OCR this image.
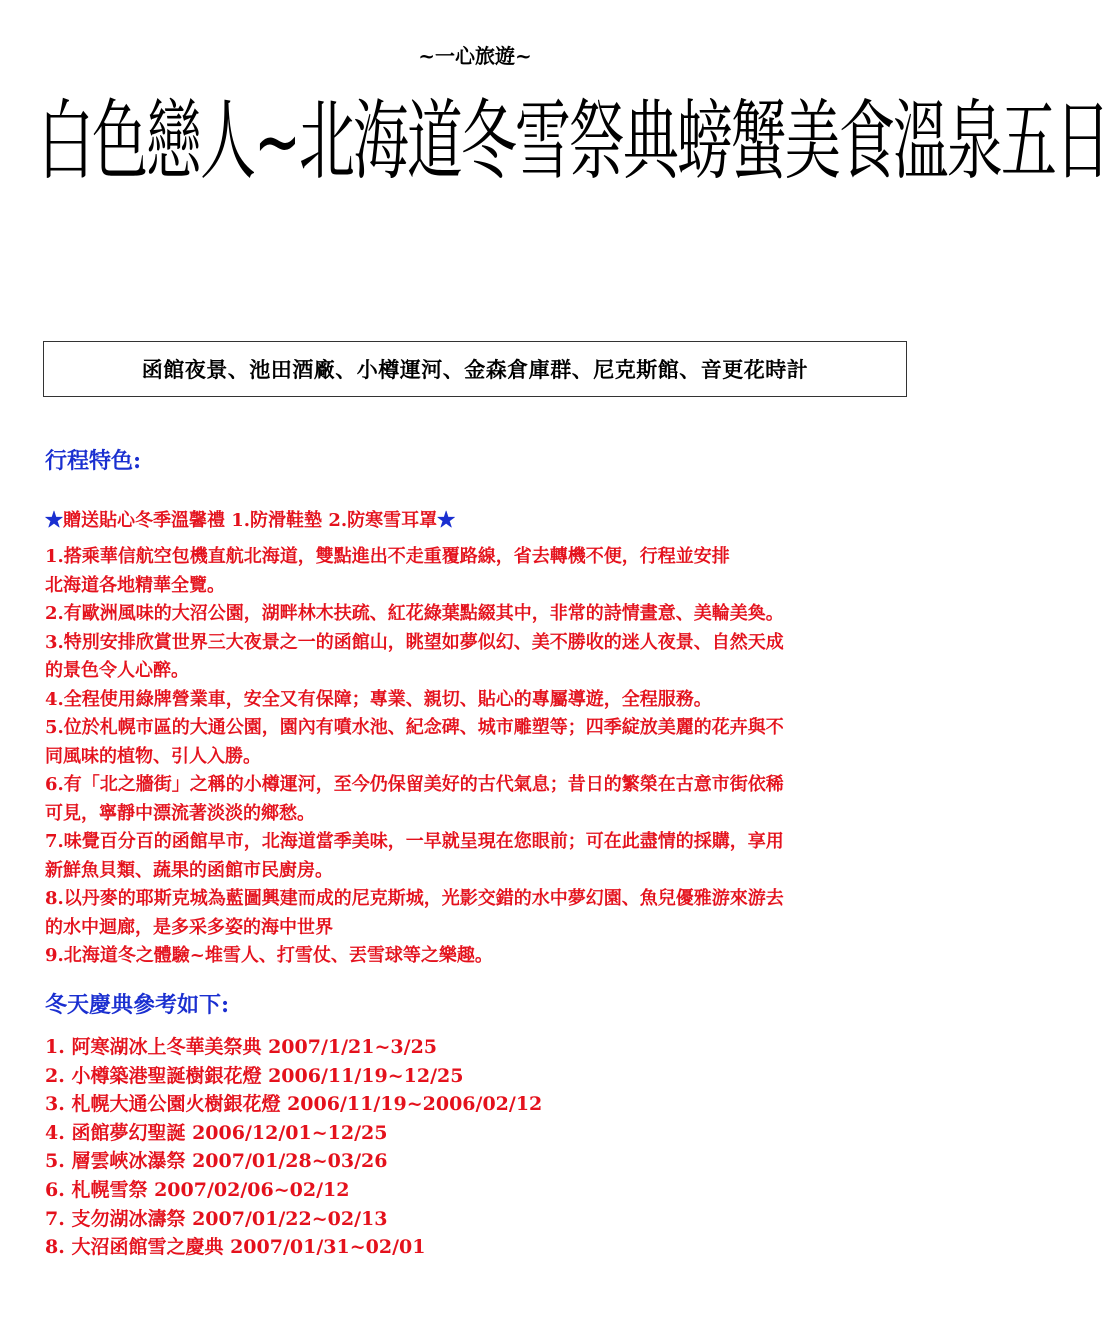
~一心旅遊~
白色戀人~北海道冬雪祭典螃蟹美食溫泉五日
函館夜景、池田酒廠、小樽運河、金森倉庫群、尼克斯館、音更花時計
行程特色:
★贈送貼心冬季溫馨禮 1.防滑鞋墊 2.防寒雪耳罩★
1.搭乘華信航空包機直航北海道，雙點進出不走重覆路線，省去轉機不便，行程並安排
北海道各地精華全覽。
2.有歐洲風味的大沼公園，湖畔林木扶疏、紅花綠葉點綴其中，非常的詩情畫意、美輪美奐。
3.特別安排欣賞世界三大夜景之一的函館山，眺望如夢似幻、美不勝收的迷人夜景、自然天成
的景色令人心醉。
4.全程使用綠牌營業車，安全又有保障；專業、親切、貼心的專屬導遊，全程服務。
5.位於札幌市區的大通公園，園內有噴水池、紀念碑、城市雕塑等；四季綻放美麗的花卉與不
同風味的植物、引人入勝。
6.有「北之牆街」之稱的小樽運河，至今仍保留美好的古代氣息；昔日的繁榮在古意市街依稀
可見，寧靜中漂流著淡淡的鄉愁。
7.味覺百分百的函館早市，北海道當季美味，一早就呈現在您眼前；可在此盡情的採購，享用
新鮮魚貝類、蔬果的函館市民廚房。
8.以丹麥的耶斯克城為藍圖興建而成的尼克斯城，光影交錯的水中夢幻園、魚兒優雅游來游去
的水中迴廊，是多采多姿的海中世界
9.北海道冬之體驗~堆雪人、打雪仗、丟雪球等之樂趣。
冬天慶典參考如下:
1. 阿寒湖冰上冬華美祭典 2007/1/21~3/25
2. 小樽築港聖誕樹銀花燈 2006/11/19~12/25
3. 札幌大通公園火樹銀花燈 2006/11/19~2006/02/12
4. 函館夢幻聖誕 2006/12/01~12/25
5. 層雲峽冰瀑祭 2007/01/28~03/26
6. 札幌雪祭 2007/02/06~02/12
7. 支勿湖冰濤祭 2007/01/22~02/13
8. 大沼函館雪之慶典 2007/01/31~02/01
